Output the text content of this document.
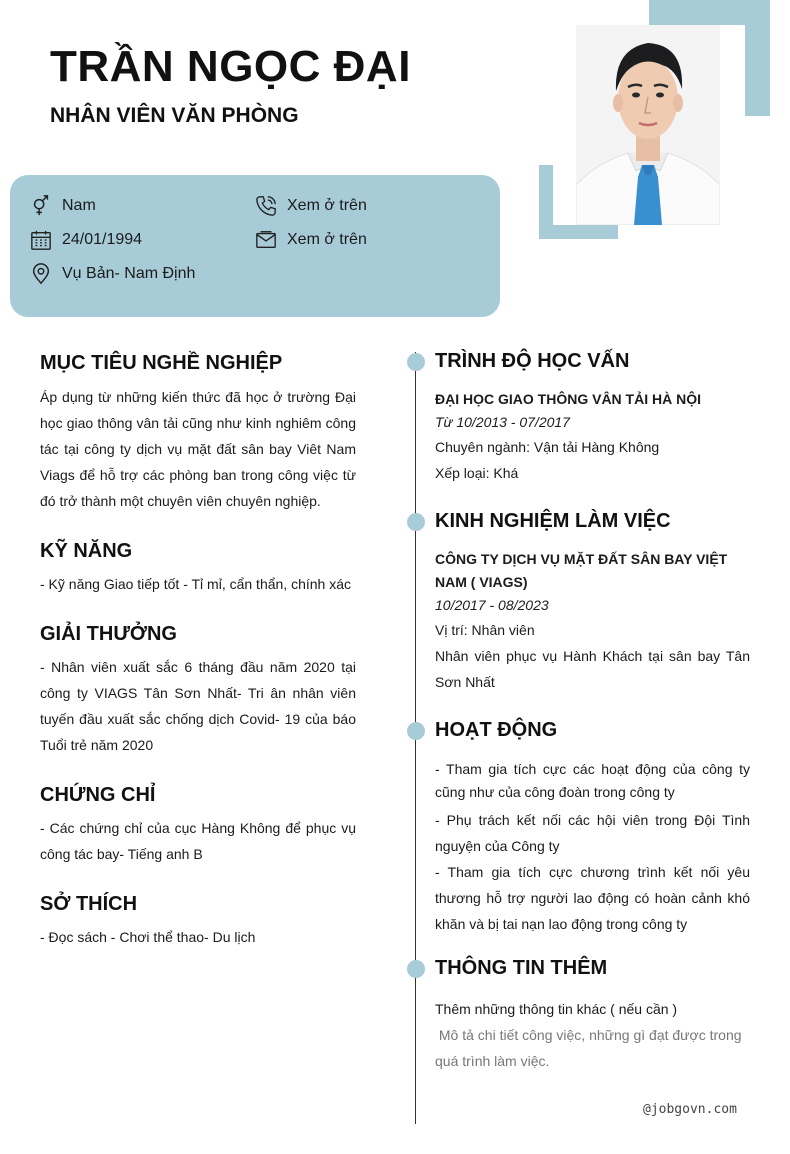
TRẦN NGỌC ĐẠI
NHÂN VIÊN VĂN PHÒNG
Nam
24/01/1994
Vụ Bản- Nam Định
Xem ở trên
Xem ở trên
MỤC TIÊU NGHỀ NGHIỆP
Áp dụng từ những kiến thức đã học ở trường Đại học giao thông vân tải cũng như kinh nghiêm công tác tại công ty dịch vụ mặt đất sân bay Viêt Nam Viags để hỗ trợ các phòng ban trong công việc từ đó trở thành một chuyên viên chuyên nghiệp.
KỸ NĂNG
- Kỹ năng Giao tiếp tốt - Tỉ mỉ, cẩn thẩn, chính xác
GIẢI THƯỞNG
- Nhân viên xuất sắc 6 tháng đầu năm 2020 tại công ty VIAGS Tân Sơn Nhất- Tri ân nhân viên tuyến đầu xuất sắc chống dịch Covid- 19 của báo Tuổi trẻ năm 2020
CHỨNG CHỈ
- Các chứng chỉ của cục Hàng Không để phục vụ công tác bay- Tiếng anh B
SỞ THÍCH
- Đọc sách - Chơi thể thao- Du lịch
TRÌNH ĐỘ HỌC VẤN
ĐẠI HỌC GIAO THÔNG VÂN TẢI HÀ NỘI
Từ 10/2013 - 07/2017
Chuyên ngành: Vận tải Hàng Không
Xếp loại: Khá
KINH NGHIỆM LÀM VIỆC
CÔNG TY DỊCH VỤ MẶT ĐẤT SÂN BAY VIỆT NAM ( VIAGS)
10/2017 - 08/2023
Vị trí: Nhân viên
Nhân viên phục vụ Hành Khách tại sân bay Tân Sơn Nhất
HOẠT ĐỘNG
- Tham gia tích cực các hoạt động của công ty cũng như của công đoàn trong công ty
- Phụ trách kết nối các hội viên trong Đội Tình nguyện của Công ty
- Tham gia tích cực chương trình kết nối yêu thương hỗ trợ người lao động có hoàn cảnh khó khăn và bị tai nạn lao động trong công ty
THÔNG TIN THÊM
Thêm những thông tin khác ( nếu cần )
Mô tả chi tiết công việc, những gì đạt được trong quá trình làm việc.
@jobgovn.com
